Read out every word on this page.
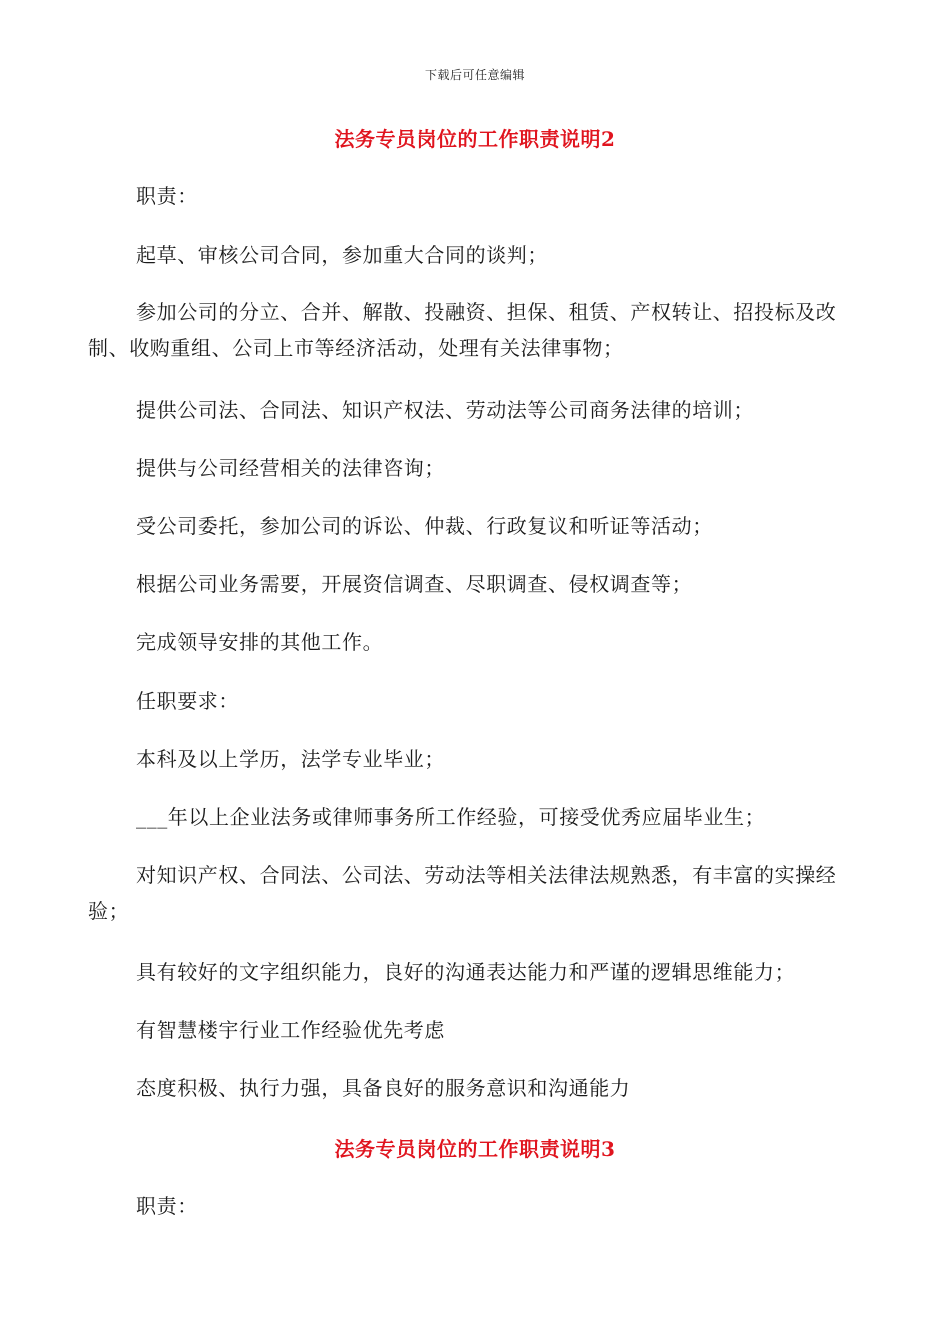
下载后可任意编辑
法务专员岗位的工作职责说明2
职责：
起草、审核公司合同，参加重大合同的谈判；
参加公司的分立、合并、解散、投融资、担保、租赁、产权转让、招投标及改制、收购重组、公司上市等经济活动，处理有关法律事物；
提供公司法、合同法、知识产权法、劳动法等公司商务法律的培训；
提供与公司经营相关的法律咨询；
受公司委托，参加公司的诉讼、仲裁、行政复议和听证等活动；
根据公司业务需要，开展资信调查、尽职调查、侵权调查等；
完成领导安排的其他工作。
任职要求：
本科及以上学历，法学专业毕业；
___年以上企业法务或律师事务所工作经验，可接受优秀应届毕业生；
对知识产权、合同法、公司法、劳动法等相关法律法规熟悉，有丰富的实操经验；
具有较好的文字组织能力，良好的沟通表达能力和严谨的逻辑思维能力；
有智慧楼宇行业工作经验优先考虑
态度积极、执行力强，具备良好的服务意识和沟通能力
法务专员岗位的工作职责说明3
职责：
